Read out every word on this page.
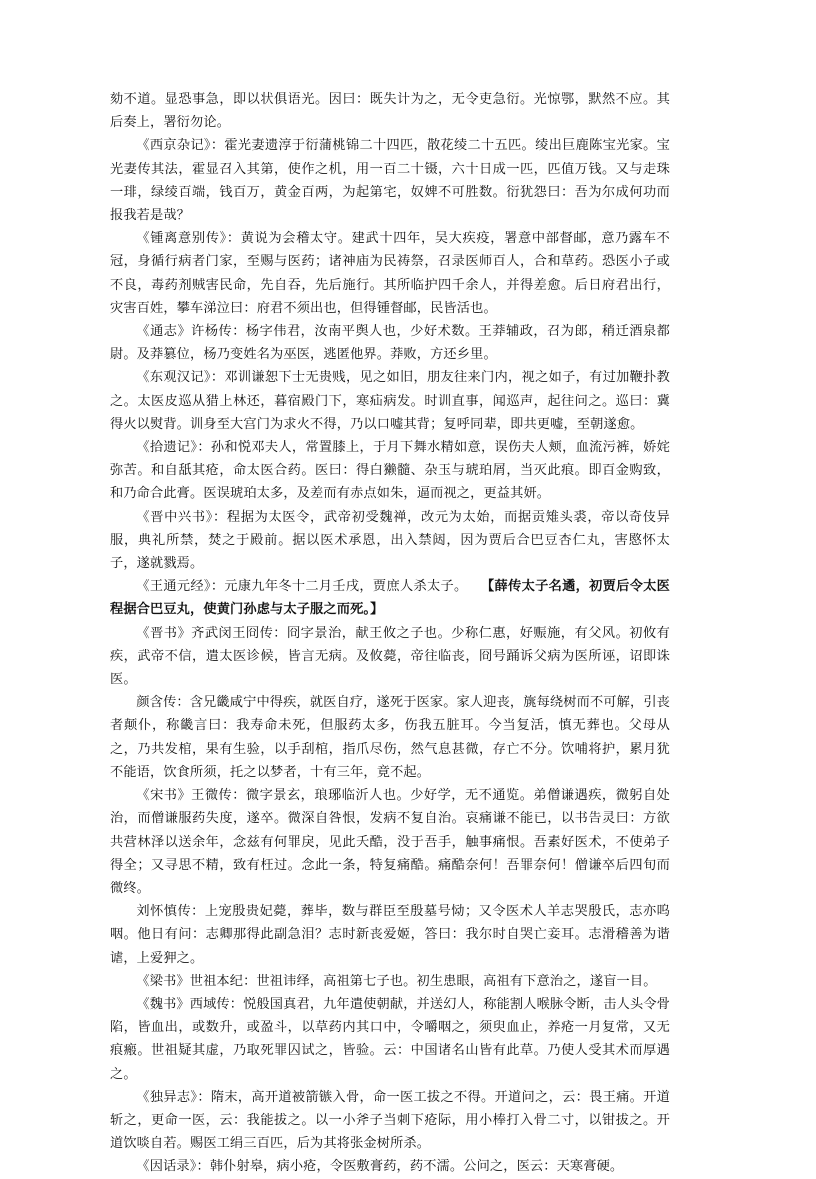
劾不道。显恐事急，即以状俱语光。因曰：既失计为之，无令吏急衍。光惊鄂，默然不应。其后奏上，署衍勿论。

《西京杂记》：霍光妻遗淳于衍蒲桃锦二十四匹，散花绫二十五匹。绫出巨鹿陈宝光家。宝光妻传其法，霍显召入其第，使作之机，用一百二十镊，六十日成一匹，匹值万钱。又与走珠一琲，绿绫百端，钱百万，黄金百两，为起第宅，奴婢不可胜数。衍犹怨曰：吾为尔成何功而报我若是哉？

《锺离意别传》：黄说为会稽太守。建武十四年，吴大疾疫，署意中部督邮，意乃露车不冠，身循行病者门家，至赐与医药；诸神庙为民祷祭，召录医师百人，合和草药。恐医小子或不良，毒药剂贼害民命，先自吞，先后施行。其所临护四千余人，并得差愈。后日府君出行，灾害百姓，攀车涕泣曰：府君不须出也，但得锺督邮，民皆活也。

《通志》许杨传：杨字伟君，汝南平舆人也，少好术数。王莽辅政，召为郎，稍迁酒泉都尉。及莽篡位，杨乃变姓名为巫医，逃匿他界。莽败，方还乡里。

《东观汉记》：邓训谦恕下士无贵贱，见之如旧，朋友往来门内，视之如子，有过加鞭扑教之。太医皮巡从猎上林还，暮宿殿门下，寒疝病发。时训直事，闻巡声，起往问之。巡曰：冀得火以熨背。训身至大宫门为求火不得，乃以口嘘其背；复呼同辈，即共更嘘，至朝遂愈。

《拾遗记》：孙和悦邓夫人，常置膝上，于月下舞水精如意，误伤夫人颊，血流污裤，娇姹弥苦。和自舐其疮，命太医合药。医曰：得白獭髓、杂玉与琥珀屑，当灭此痕。即百金购致，和乃命合此膏。医误琥珀太多，及差而有赤点如朱，逼而视之，更益其妍。

《晋中兴书》：程据为太医令，武帝初受魏禅，改元为太始，而据贡雉头裘，帝以奇伎异服，典礼所禁，焚之于殿前。据以医术承恩，出入禁闼，因为贾后合巴豆杏仁丸，害愍怀太子，遂就戮焉。

《王通元经》：元康九年冬十二月壬戌，贾庶人杀太子。 【薛传太子名遹，初贾后令太医程据合巴豆丸，使黄门孙虑与太子服之而死。】

《晋书》齐武闵王冏传：冏字景治，献王攸之子也。少称仁惠，好赈施，有父风。初攸有疾，武帝不信，遣太医诊候，皆言无病。及攸薨，帝往临丧，冏号踊诉父病为医所诬，诏即诛医。

颜含传：含兄畿咸宁中得疾，就医自疗，遂死于医家。家人迎丧，旐每绕树而不可解，引丧者颠仆，称畿言曰：我寿命未死，但服药太多，伤我五脏耳。今当复活，慎无葬也。父母从之，乃共发棺，果有生验，以手刮棺，指爪尽伤，然气息甚微，存亡不分。饮哺将护，累月犹不能语，饮食所须，托之以梦者，十有三年，竟不起。

《宋书》王微传：微字景玄，琅琊临沂人也。少好学，无不通览。弟僧谦遇疾，微躬自处治，而僧谦服药失度，遂卒。微深自咎恨，发病不复自治。哀痛谦不能已，以书告灵曰：方欲共营林泽以送余年，念兹有何罪戾，见此夭酷，没于吾手，触事痛恨。吾素好医术，不使弟子得全；又寻思不精，致有枉过。念此一条，特复痛酷。痛酷奈何！吾罪奈何！僧谦卒后四旬而微终。

刘怀慎传：上宠殷贵妃薨，葬毕，数与群臣至殷墓号恸；又令医术人羊志哭殷氏，志亦呜咽。他日有问：志卿那得此副急泪？志时新丧爱姬，答曰：我尔时自哭亡妾耳。志滑稽善为谐谑，上爱狎之。

《梁书》世祖本纪：世祖讳绎，高祖第七子也。初生患眼，高祖有下意治之，遂盲一目。

《魏书》西域传：悦般国真君，九年遣使朝献，并送幻人，称能割人喉脉令断，击人头令骨陷，皆血出，或数升，或盈斗，以草药内其口中，令嚼咽之，须臾血止，养疮一月复常，又无痕瘢。世祖疑其虚，乃取死罪囚试之，皆验。云：中国诸名山皆有此草。乃使人受其术而厚遇之。

《独异志》：隋末，高开道被箭镞入骨，命一医工拔之不得。开道问之，云：畏王痛。开道斩之，更命一医，云：我能拔之。以一小斧子当刺下疮际，用小棒打入骨二寸，以钳拔之。开道饮啖自若。赐医工绢三百匹，后为其将张金树所杀。

《因话录》：韩仆射皋，病小疮，令医敷膏药，药不濡。公问之，医云：天寒膏硬。
